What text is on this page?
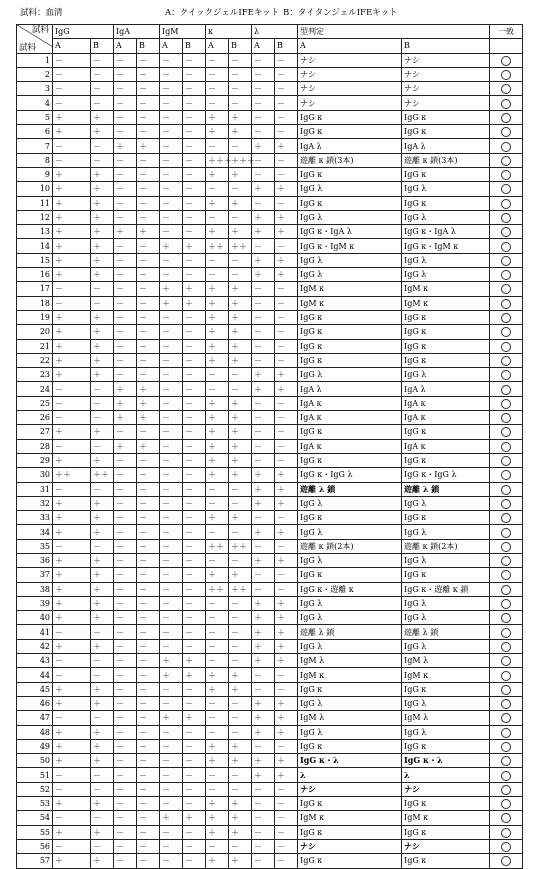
試料：血清	A：クイックジェルIFEキット B：タイタンジェルIFEキット
試料
試料	IgG		IgA		IgM		κ		λ		型判定		一致
	A	B	A	B	A	B	A	B	A	B	A	B	
1	－	－	－	－	－	－	－	－	－	－	ナシ	ナシ	
2	－	－	－	－	－	－	－	－	－	－	ナシ	ナシ	
3	－	－	－	－	－	－	－	－	－	－	ナシ	ナシ	
4	－	－	－	－	－	－	－	－	－	－	ナシ	ナシ	
5	＋	＋	－	－	－	－	＋	＋	－	－	IgG κ	IgG κ	
6	＋	＋	－	－	－	－	＋	＋	－	－	IgG κ	IgG κ	
7	－	－	＋	＋	－	－	－	－	＋	＋	IgA λ	IgA λ	
8	－	－	－	－	－	－	＋＋＋	＋＋＋	－	－	遊離 κ 鎖(3本)	遊離 κ 鎖(3本)	
9	＋	＋	－	－	－	－	＋	＋	－	－	IgG κ	IgG κ	
10	＋	＋	－	－	－	－	－	－	＋	＋	IgG λ	IgG λ	
11	＋	＋	－	－	－	－	＋	＋	－	－	IgG κ	IgG κ	
12	＋	＋	－	－	－	－	－	－	＋	＋	IgG λ	IgG λ	
13	＋	＋	＋	＋	－	－	＋	＋	＋	＋	IgG κ・IgA λ	IgG κ・IgA λ	
14	＋	＋	－	－	＋	＋	＋＋	＋＋	－	－	IgG κ・IgM κ	IgG κ・IgM κ	
15	＋	＋	－	－	－	－	－	－	＋	＋	IgG λ	IgG λ	
16	＋	＋	－	－	－	－	－	－	＋	＋	IgG λ	IgG λ	
17	－	－	－	－	＋	＋	＋	＋	－	－	IgM κ	IgM κ	
18	－	－	－	－	＋	＋	＋	＋	－	－	IgM κ	IgM κ	
19	＋	＋	－	－	－	－	＋	＋	－	－	IgG κ	IgG κ	
20	＋	＋	－	－	－	－	＋	＋	－	－	IgG κ	IgG κ	
21	＋	＋	－	－	－	－	＋	＋	－	－	IgG κ	IgG κ	
22	＋	＋	－	－	－	－	＋	＋	－	－	IgG κ	IgG κ	
23	＋	＋	－	－	－	－	－	－	＋	＋	IgG λ	IgG λ	
24	－	－	＋	＋	－	－	－	－	＋	＋	IgA λ	IgA λ	
25	－	－	＋	＋	－	－	＋	＋	－	－	IgA κ	IgA κ	
26	－	－	＋	＋	－	－	＋	＋	－	－	IgA κ	IgA κ	
27	＋	＋	－	－	－	－	＋	＋	－	－	IgG κ	IgG κ	
28	－	－	＋	＋	－	－	＋	＋	－	－	IgA κ	IgA κ	
29	＋	＋	－	－	－	－	＋	＋	－	－	IgG κ	IgG κ	
30	＋＋	＋＋	－	－	－	－	＋	＋	＋	＋	IgG κ・IgG λ	IgG κ・IgG λ	
31	－	－	－	－	－	－	－	－	＋	＋	遊離 λ 鎖	遊離 λ 鎖	
32	＋	＋	－	－	－	－	－	－	＋	＋	IgG λ	IgG λ	
33	＋	＋	－	－	－	－	＋	＋	－	－	IgG κ	IgG κ	
34	＋	＋	－	－	－	－	－	－	＋	＋	IgG λ	IgG λ	
35	－	－	－	－	－	－	＋＋	＋＋	－	－	遊離 κ 鎖(2本)	遊離 κ 鎖(2本)	
36	＋	＋	－	－	－	－	－	－	＋	＋	IgG λ	IgG λ	
37	＋	＋	－	－	－	－	＋	＋	－	－	IgG κ	IgG κ	
38	＋	＋	－	－	－	－	＋＋	＋＋	－	－	IgG κ・遊離 κ	IgG κ・遊離 κ 鎖	
39	＋	＋	－	－	－	－	－	－	＋	＋	IgG λ	IgG λ	
40	＋	＋	－	－	－	－	－	－	＋	＋	IgG λ	IgG λ	
41	－	－	－	－	－	－	－	－	＋	＋	遊離 λ 鎖	遊離 λ 鎖	
42	＋	＋	－	－	－	－	－	－	＋	＋	IgG λ	IgG λ	
43	－	－	－	－	＋	＋	－	－	＋	＋	IgM λ	IgM λ	
44	－	－	－	－	＋	＋	＋	＋	－	－	IgM κ	IgM κ	
45	＋	＋	－	－	－	－	＋	＋	－	－	IgG κ	IgG κ	
46	＋	＋	－	－	－	－	－	－	＋	＋	IgG λ	IgG λ	
47	－	－	－	－	＋	＋	－	－	＋	＋	IgM λ	IgM λ	
48	＋	＋	－	－	－	－	－	－	＋	＋	IgG λ	IgG λ	
49	＋	＋	－	－	－	－	＋	＋	－	－	IgG κ	IgG κ	
50	＋	＋	－	－	－	－	＋	＋	＋	＋	IgG κ・λ	IgG κ・λ	
51	－	－	－	－	－	－	－	－	＋	＋	λ	λ	
52	－	－	－	－	－	－	－	－	－	－	ナシ	ナシ	
53	＋	＋	－	－	－	－	＋	＋	－	－	IgG κ	IgG κ	
54	－	－	－	－	＋	＋	＋	＋	－	－	IgM κ	IgM κ	
55	＋	＋	－	－	－	－	＋	＋	－	－	IgG κ	IgG κ	
56	－	－	－	－	－	－	－	－	－	－	ナシ	ナシ	
57	＋	＋	－	－	－	－	＋	＋	－	－	IgG κ	IgG κ	
